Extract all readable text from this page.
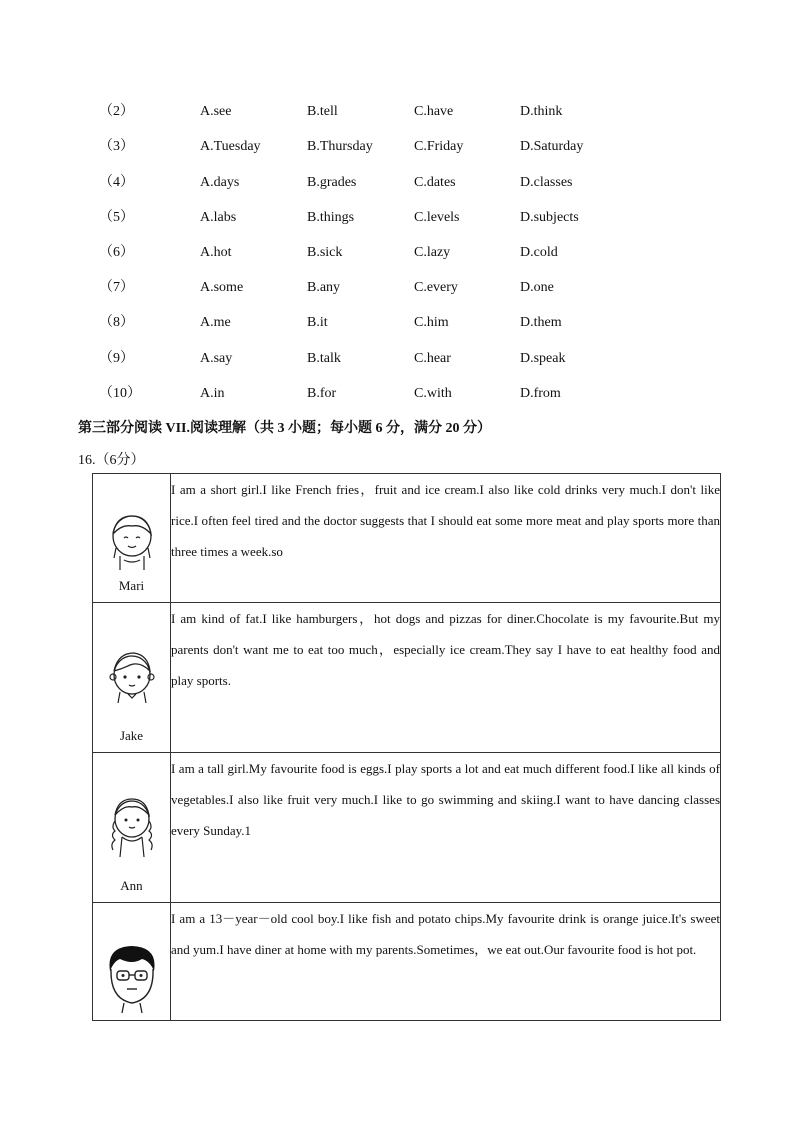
（2）	A.see	B.tell	C.have	D.think
（3）	A.Tuesday	B.Thursday	C.Friday	D.Saturday
（4）	A.days	B.grades	C.dates	D.classes
（5）	A.labs	B.things	C.levels	D.subjects
（6）	A.hot	B.sick	C.lazy	D.cold
（7）	A.some	B.any	C.every	D.one
（8）	A.me	B.it	C.him	D.them
（9）	A.say	B.talk	C.hear	D.speak
（10）	A.in	B.for	C.with	D.from
第三部分阅读 VII.阅读理解（共 3 小题；每小题 6 分，满分 20 分）
16.（6分）
Mari	I am a short girl.I like French fries，fruit and ice cream.I also like cold drinks very much.I don't like rice.I often feel tired and the doctor suggests that I should eat some more meat and play sports more than three times a week.so

Jake	I am kind of fat.I like hamburgers，hot dogs and pizzas for diner.Chocolate is my favourite.But my parents don't want me to eat too much，especially ice cream.They say I have to eat healthy food and play sports.

Ann	I am a tall girl.My favourite food is eggs.I play sports a lot and eat much different food.I like all kinds of vegetables.I also like fruit very much.I like to go swimming and skiing.I want to have dancing classes every Sunday.1

	I am a 13－year－old cool boy.I like fish and potato chips.My favourite drink is orange juice.It's sweet and yum.I have diner at home with my parents.Sometimes，we eat out.Our favourite food is hot pot.
